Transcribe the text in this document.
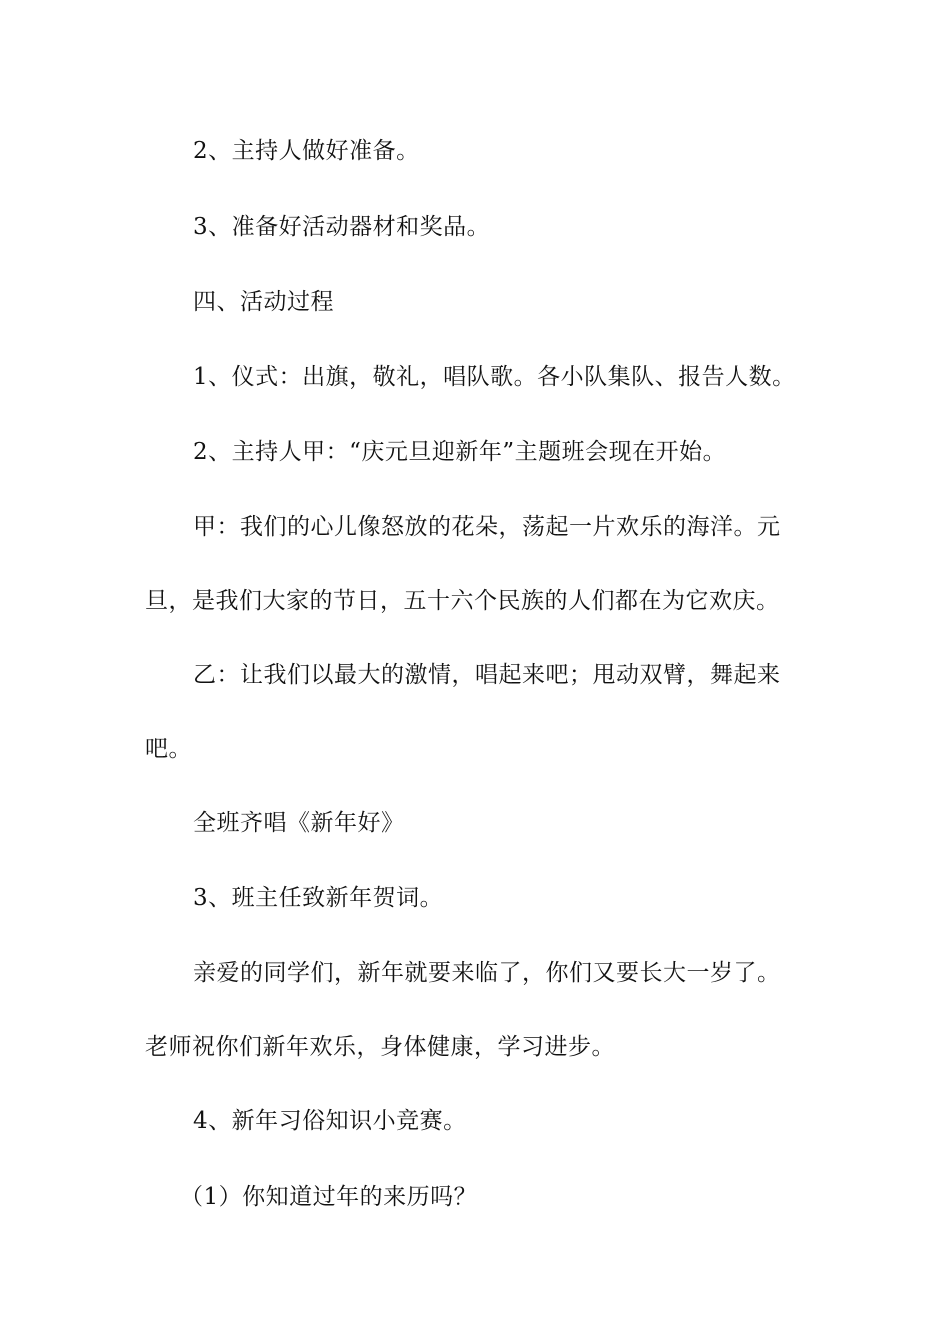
2、主持人做好准备。
3、准备好活动器材和奖品。
四、活动过程
1、仪式：出旗，敬礼，唱队歌。各小队集队、报告人数。
2、主持人甲：“庆元旦迎新年”主题班会现在开始。
甲：我们的心儿像怒放的花朵，荡起一片欢乐的海洋。元
旦，是我们大家的节日，五十六个民族的人们都在为它欢庆。
乙：让我们以最大的激情，唱起来吧；甩动双臂，舞起来
吧。
全班齐唱《新年好》
3、班主任致新年贺词。
亲爱的同学们，新年就要来临了，你们又要长大一岁了。
老师祝你们新年欢乐，身体健康，学习进步。
4、新年习俗知识小竞赛。
（1）你知道过年的来历吗？
